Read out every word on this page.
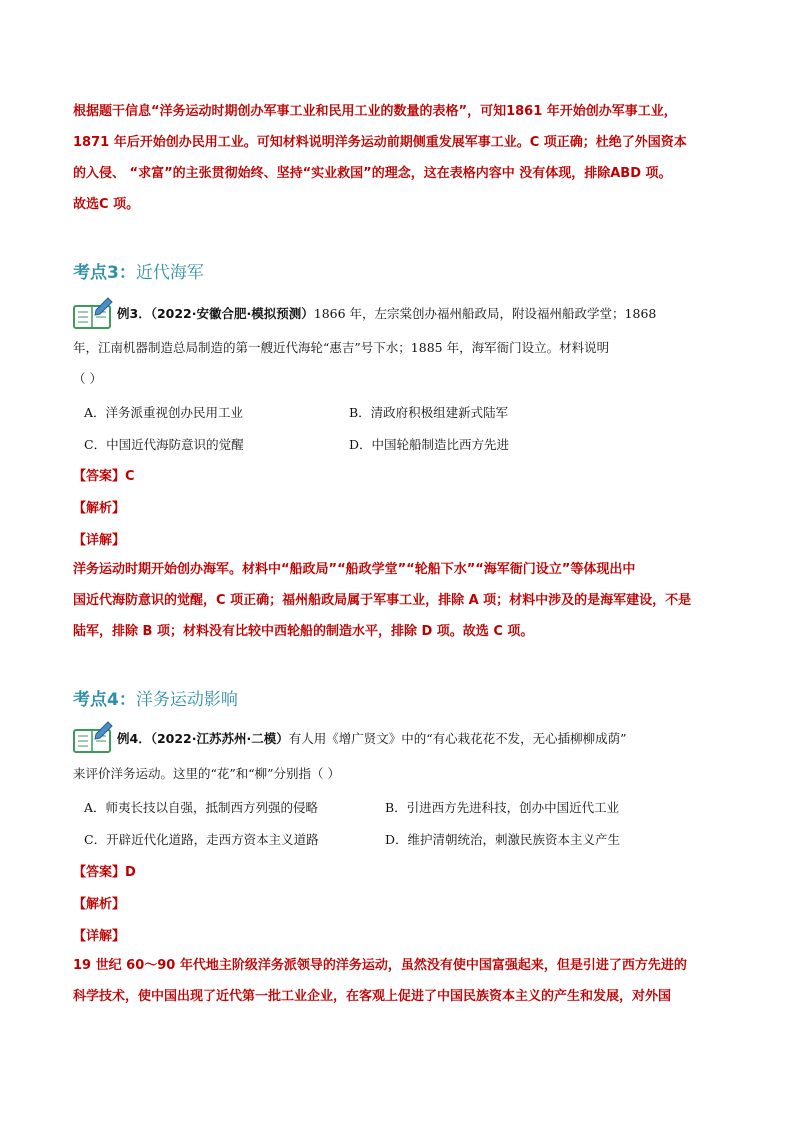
根据题干信息“洋务运动时期创办军事工业和民用工业的数量的表格”，可知1861 年开始创办军事工业，
1871 年后开始创办民用工业。可知材料说明洋务运动前期侧重发展军事工业。C 项正确；杜绝了外国资本
的入侵、 “求富”的主张贯彻始终、坚持“实业救国”的理念，这在表格内容中 没有体现，排除ABD 项。
故选C 项。
考点3：近代海军
例3．（2022·安徽合肥·模拟预测）1866 年，左宗棠创办福州船政局，附设福州船政学堂；1868
年，江南机器制造总局制造的第一艘近代海轮“惠吉”号下水；1885 年，海军衙门设立。材料说明
（ ）
A．洋务派重视创办民用工业	B．清政府积极组建新式陆军
C．中国近代海防意识的觉醒	D．中国轮船制造比西方先进
【答案】C
【解析】
【详解】
洋务运动时期开始创办海军。材料中“船政局”“船政学堂”“轮船下水”“海军衙门设立”等体现出中
国近代海防意识的觉醒，C 项正确；福州船政局属于军事工业，排除 A 项；材料中涉及的是海军建设，不是
陆军，排除 B 项；材料没有比较中西轮船的制造水平，排除 D 项。故选 C 项。
考点4：洋务运动影响
例4．（2022·江苏苏州·二模）有人用《增广贤文》中的“有心栽花花不发，无心插柳柳成荫”
来评价洋务运动。这里的“花”和“柳”分别指（ ）
A．师夷长技以自强，抵制西方列强的侵略	B．引进西方先进科技，创办中国近代工业
C．开辟近代化道路，走西方资本主义道路	D．维护清朝统治，刺激民族资本主义产生
【答案】D
【解析】
【详解】
19 世纪 60～90 年代地主阶级洋务派领导的洋务运动，虽然没有使中国富强起来，但是引进了西方先进的
科学技术，使中国出现了近代第一批工业企业，在客观上促进了中国民族资本主义的产生和发展，对外国
